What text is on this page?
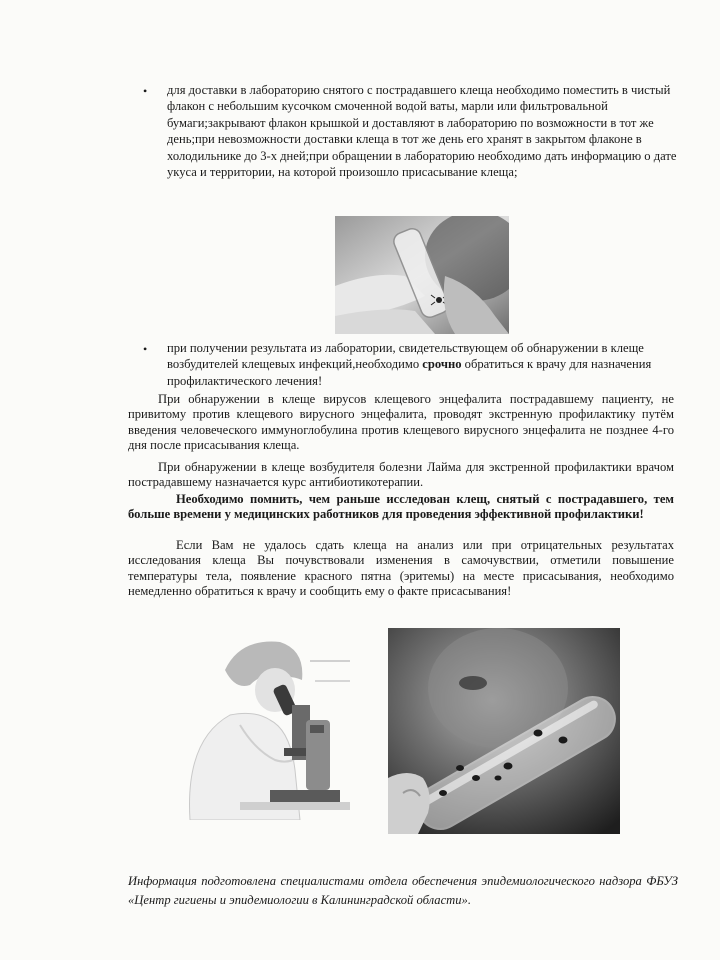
•	для доставки в лабораторию снятого с пострадавшего клеща необходимо поместить в чистый флакон с небольшим кусочком смоченной водой ваты, марли или фильтровальной бумаги;закрывают флакон крышкой и доставляют в лабораторию по возможности в тот же день;при невозможности доставки клеща в тот же день его хранят в закрытом флаконе в холодильнике до 3-х дней;при обращении в лабораторию необходимо дать информацию о дате укуса и территории, на которой произошло присасывание клеща;
•	при получении результата из лаборатории, свидетельствующем об обнаружении в клеще возбудителей клещевых инфекций,необходимо срочно обратиться к врачу для назначения профилактического лечения!

При обнаружении в клеще вирусов клещевого энцефалита пострадавшему пациенту, не привитому против клещевого вирусного энцефалита, проводят экстренную профилактику путём введения человеческого иммуноглобулина против клещевого вирусного энцефалита не позднее 4-го дня после присасывания клеща.

При обнаружении в клеще возбудителя болезни Лайма для экстренной профилактики врачом пострадавшему назначается курс антибиотикотерапии.

Необходимо помнить, чем раньше исследован клещ, снятый с пострадавшего, тем больше времени у медицинских работников для проведения эффективной профилактики!

Если Вам не удалось сдать клеща на анализ или при отрицательных результатах исследования клеща Вы почувствовали изменения в самочувствии, отметили повышение температуры тела, появление красного пятна (эритемы) на месте присасывания, необходимо немедленно обратиться к врачу и сообщить ему о факте присасывания!

Информация подготовлена специалистами отдела обеспечения эпидемиологического надзора ФБУЗ «Центр гигиены и эпидемиологии в Калининградской области».
